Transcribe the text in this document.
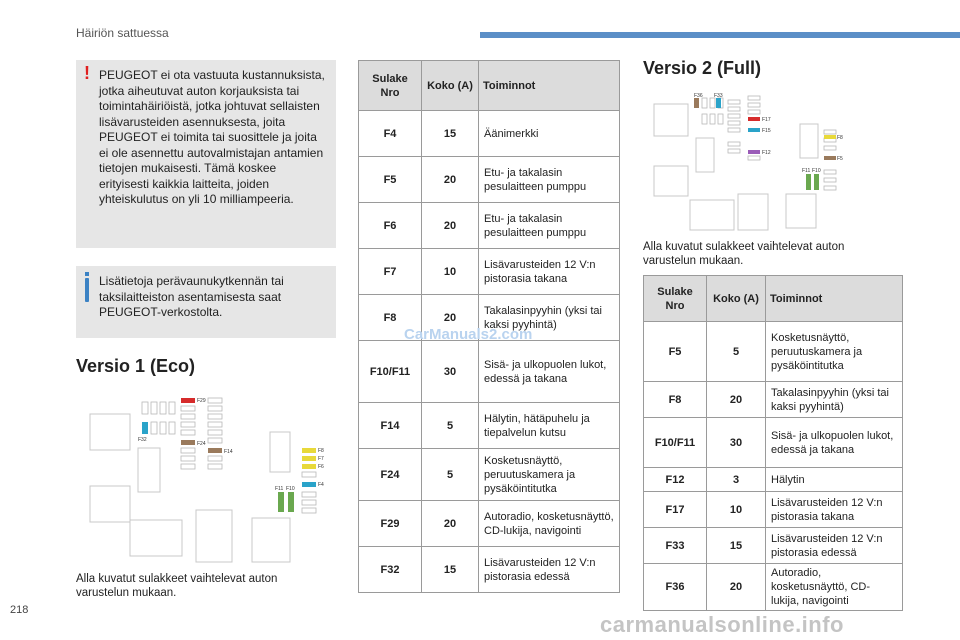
Häiriön sattuessa
218
! PEUGEOT ei ota vastuuta kustannuksista, jotka aiheutuvat auton korjauksista tai toimintahäiriöistä, jotka johtuvat sellaisten lisävarusteiden asennuksesta, joita PEUGEOT ei toimita tai suosittele ja joita ei ole asennettu autovalmistajan antamien tietojen mukaisesti. Tämä koskee erityisesti kaikkia laitteita, joiden yhteiskulutus on yli 10 milliampeeria.
Lisätietoja perävaunukytkennän tai taksilaitteiston asentamisesta saat PEUGEOT-verkostolta.
Versio 1 (Eco)
F29
F32
F24
F14	F8
F7
F6
F4
F11 F10
Alla kuvatut sulakkeet vaihtelevat auton varustelun mukaan.
Sulake Nro	Koko (A)	Toiminnot
F4	15	Äänimerkki
F5	20	Etu- ja takalasin pesulaitteen pumppu
F6	20	Etu- ja takalasin pesulaitteen pumppu
F7	10	Lisävarusteiden 12 V:n pistorasia takana
F8	20	Takalasinpyyhin (yksi tai kaksi pyyhintä)
F10/F11	30	Sisä- ja ulkopuolen lukot, edessä ja takana
F14	5	Hälytin, hätäpuhelu ja tiepalvelun kutsu
F24	5	Kosketusnäyttö, peruutuskamera ja pysäköintitutka
F29	20	Autoradio, kosketusnäyttö, CD-lukija, navigointi
F32	15	Lisävarusteiden 12 V:n pistorasia edessä
CarManuals2.com
Versio 2 (Full)
F36 F33
F17
F15
F12
F8
F5
F11 F10
Alla kuvatut sulakkeet vaihtelevat auton varustelun mukaan.
Sulake Nro	Koko (A)	Toiminnot
F5	5	Kosketusnäyttö, peruutuskamera ja pysäköintitutka
F8	20	Takalasinpyyhin (yksi tai kaksi pyyhintä)
F10/F11	30	Sisä- ja ulkopuolen lukot, edessä ja takana
F12	3	Hälytin
F17	10	Lisävarusteiden 12 V:n pistorasia takana
F33	15	Lisävarusteiden 12 V:n pistorasia edessä
F36	20	Autoradio, kosketusnäyttö, CD-lukija, navigointi
carmanualsonline.info
